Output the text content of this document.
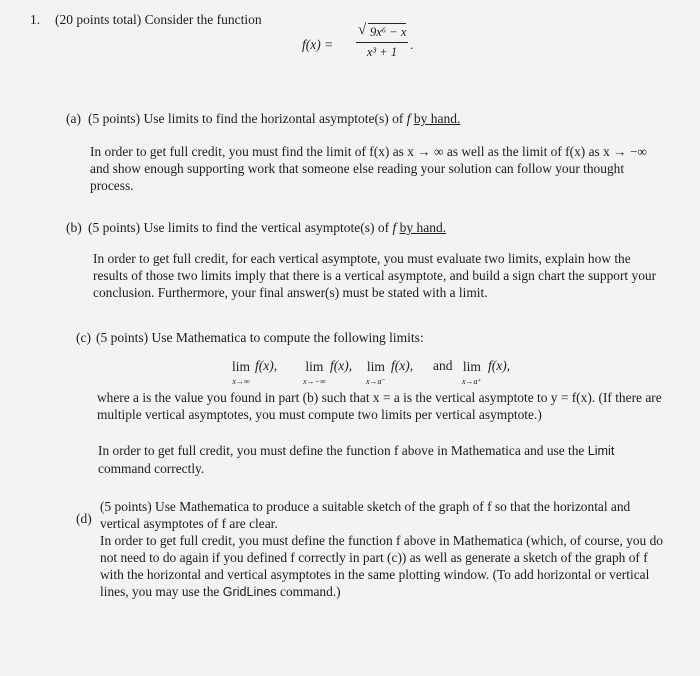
1. (20 points total) Consider the function
f(x) =
√ 9x⁶ − x
x³ + 1 .
(a) (5 points) Use limits to find the horizontal asymptote(s) of f by hand.
In order to get full credit, you must find the limit of f(x) as x → ∞ as well as the limit of f(x) as x → −∞ and show enough supporting work that someone else reading your solution can follow your thought process.
(b) (5 points) Use limits to find the vertical asymptote(s) of f by hand.
In order to get full credit, for each vertical asymptote, you must evaluate two limits, explain how the results of those two limits imply that there is a vertical asymptote, and build a sign chart the support your conclusion. Furthermore, your final answer(s) must be stated with a limit.
(c) (5 points) Use Mathematica to compute the following limits:
lim
x→∞
f(x), lim
x→−∞
f(x), lim
x→a⁻
f(x), and lim
x→a⁺
f(x),
where a is the value you found in part (b) such that x = a is the vertical asymptote to y = f(x). (If there are multiple vertical asymptotes, you must compute two limits per vertical asymptote.)
In order to get full credit, you must define the function f above in Mathematica and use the Limit command correctly.
(d)
(5 points) Use Mathematica to produce a suitable sketch of the graph of f so that the horizontal and vertical asymptotes of f are clear.
In order to get full credit, you must define the function f above in Mathematica (which, of course, you do not need to do again if you defined f correctly in part (c)) as well as generate a sketch of the graph of f with the horizontal and vertical asymptotes in the same plotting window. (To add horizontal or vertical lines, you may use the GridLines command.)
